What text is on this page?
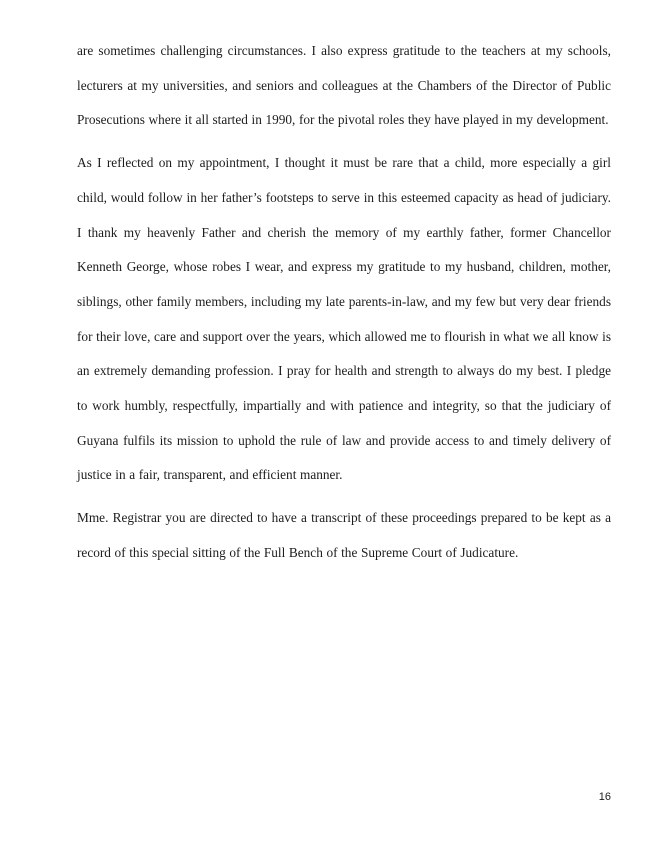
are sometimes challenging circumstances. I also express gratitude to the teachers at my schools, lecturers at my universities, and seniors and colleagues at the Chambers of the Director of Public Prosecutions where it all started in 1990, for the pivotal roles they have played in my development.

As I reflected on my appointment, I thought it must be rare that a child, more especially a girl child, would follow in her father’s footsteps to serve in this esteemed capacity as head of judiciary. I thank my heavenly Father and cherish the memory of my earthly father, former Chancellor Kenneth George, whose robes I wear, and express my gratitude to my husband, children, mother, siblings, other family members, including my late parents-in-law, and my few but very dear friends for their love, care and support over the years, which allowed me to flourish in what we all know is an extremely demanding profession. I pray for health and strength to always do my best. I pledge to work humbly, respectfully, impartially and with patience and integrity, so that the judiciary of Guyana fulfils its mission to uphold the rule of law and provide access to and timely delivery of justice in a fair, transparent, and efficient manner.

Mme. Registrar you are directed to have a transcript of these proceedings prepared to be kept as a record of this special sitting of the Full Bench of the Supreme Court of Judicature.

16
